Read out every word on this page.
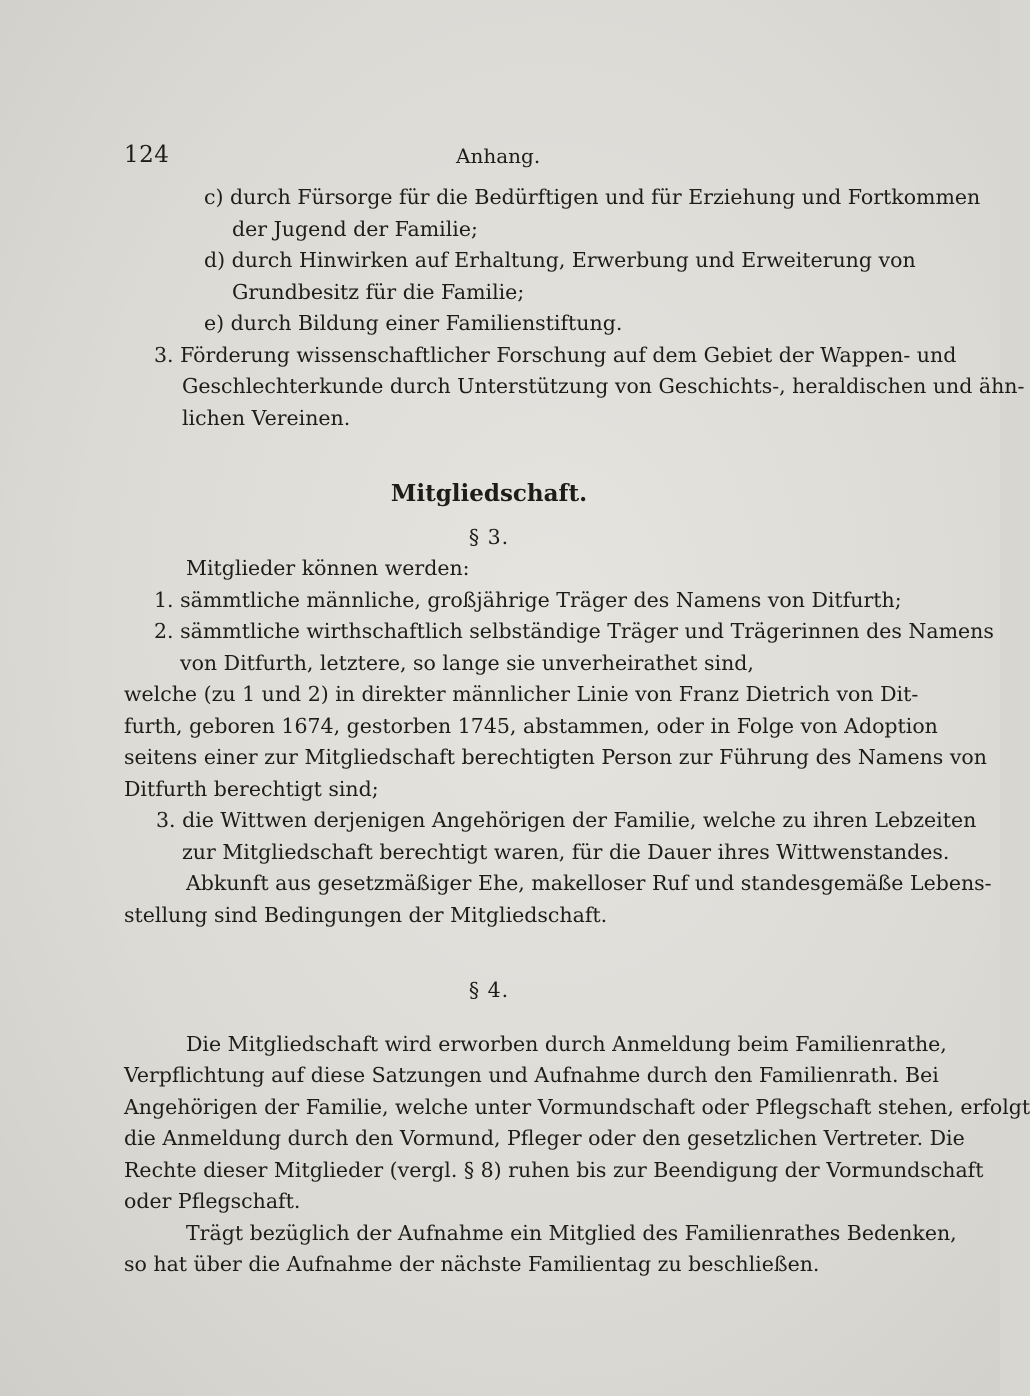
124	Anhang.
c) durch Fürsorge für die Bedürftigen und für Erziehung und Fortkommen
der Jugend der Familie;
d) durch Hinwirken auf Erhaltung, Erwerbung und Erweiterung von
Grundbesitz für die Familie;
e) durch Bildung einer Familienstiftung.
3. Förderung wissenschaftlicher Forschung auf dem Gebiet der Wappen- und
Geschlechterkunde durch Unterstützung von Geschichts-, heraldischen und ähn-
lichen Vereinen.
Mitgliedschaft.
§ 3.
Mitglieder können werden:
1. sämmtliche männliche, großjährige Träger des Namens von Ditfurth;
2. sämmtliche wirthschaftlich selbständige Träger und Trägerinnen des Namens
von Ditfurth, letztere, so lange sie unverheirathet sind,
welche (zu 1 und 2) in direkter männlicher Linie von Franz Dietrich von Dit-
furth, geboren 1674, gestorben 1745, abstammen, oder in Folge von Adoption
seitens einer zur Mitgliedschaft berechtigten Person zur Führung des Namens von
Ditfurth berechtigt sind;
3. die Wittwen derjenigen Angehörigen der Familie, welche zu ihren Lebzeiten
zur Mitgliedschaft berechtigt waren, für die Dauer ihres Wittwenstandes.
Abkunft aus gesetzmäßiger Ehe, makelloser Ruf und standesgemäße Lebens-
stellung sind Bedingungen der Mitgliedschaft.
§ 4.
Die Mitgliedschaft wird erworben durch Anmeldung beim Familienrathe,
Verpflichtung auf diese Satzungen und Aufnahme durch den Familienrath. Bei
Angehörigen der Familie, welche unter Vormundschaft oder Pflegschaft stehen, erfolgt
die Anmeldung durch den Vormund, Pfleger oder den gesetzlichen Vertreter. Die
Rechte dieser Mitglieder (vergl. § 8) ruhen bis zur Beendigung der Vormundschaft
oder Pflegschaft.
Trägt bezüglich der Aufnahme ein Mitglied des Familienrathes Bedenken,
so hat über die Aufnahme der nächste Familientag zu beschließen.
